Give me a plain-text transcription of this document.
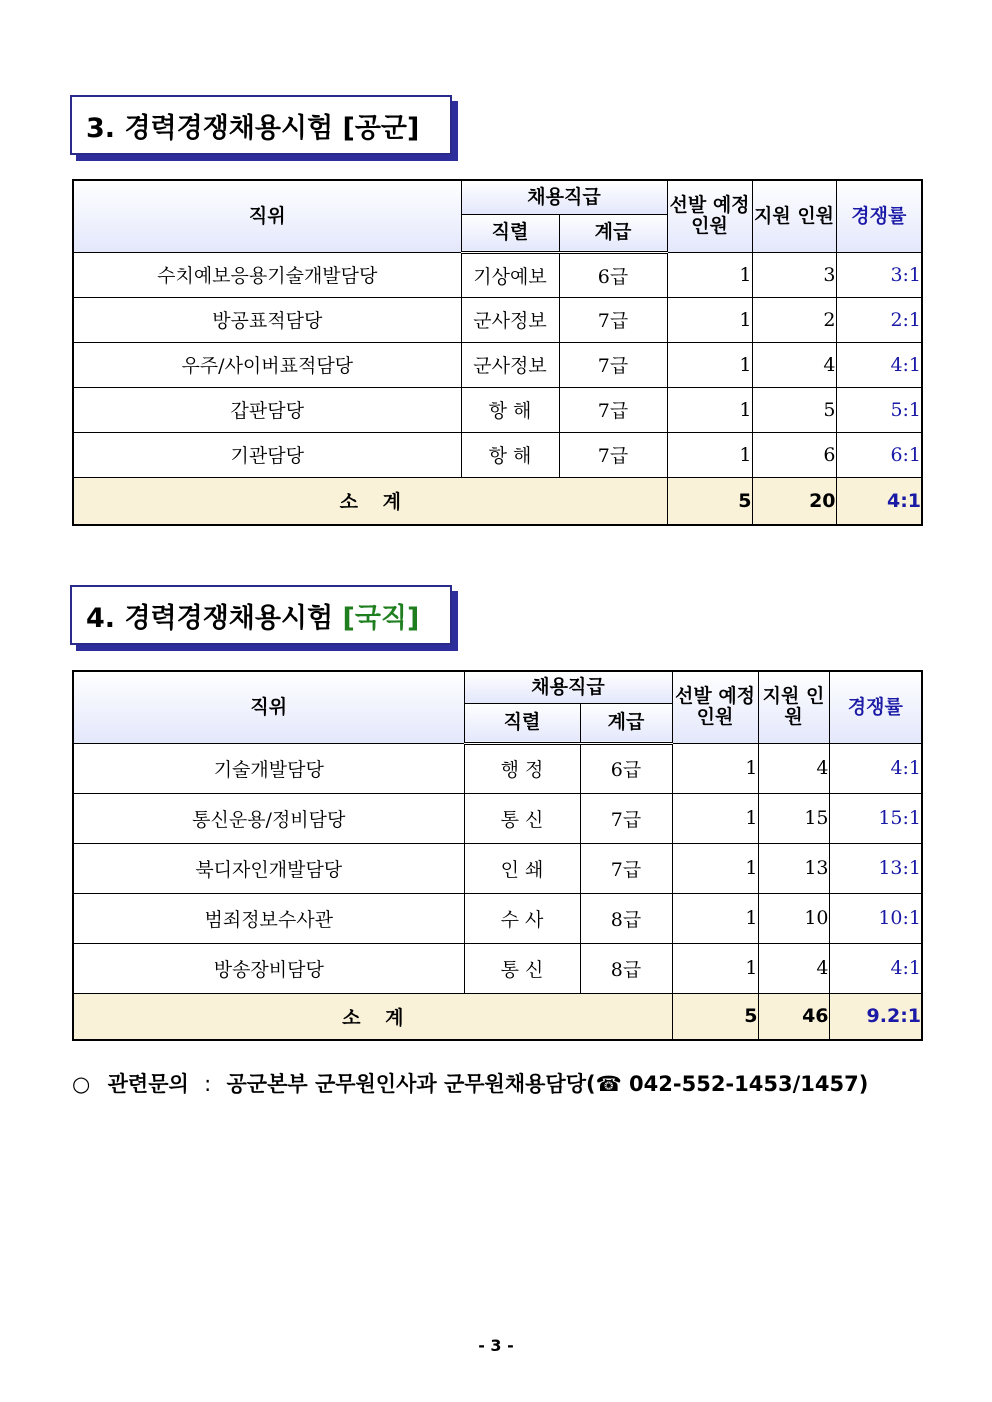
3. 경력경쟁채용시험 [공군]
직위	채용직급		선발 예정 인원	지원 인원	경쟁률
	직렬	계급			
수치예보응용기술개발담당	기상예보	6급	1	3	3:1
방공표적담당	군사정보	7급	1	2	2:1
우주/사이버표적담당	군사정보	7급	1	4	4:1
갑판담당	항 해	7급	1	5	5:1
기관담당	항 해	7급	1	6	6:1
소 계			5	20	4:1
4. 경력경쟁채용시험 [국직]
직위	채용직급		선발 예정 인원	지원 인원	경쟁률
	직렬	계급			
기술개발담당	행 정	6급	1	4	4:1
통신운용/정비담당	통 신	7급	1	15	15:1
북디자인개발담당	인 쇄	7급	1	13	13:1
범죄정보수사관	수 사	8급	1	10	10:1
방송장비담당	통 신	8급	1	4	4:1
소 계			5	46	9.2:1
○ 관련문의 : 공군본부 군무원인사과 군무원채용담당(☎ 042-552-1453/1457)
- 3 -
